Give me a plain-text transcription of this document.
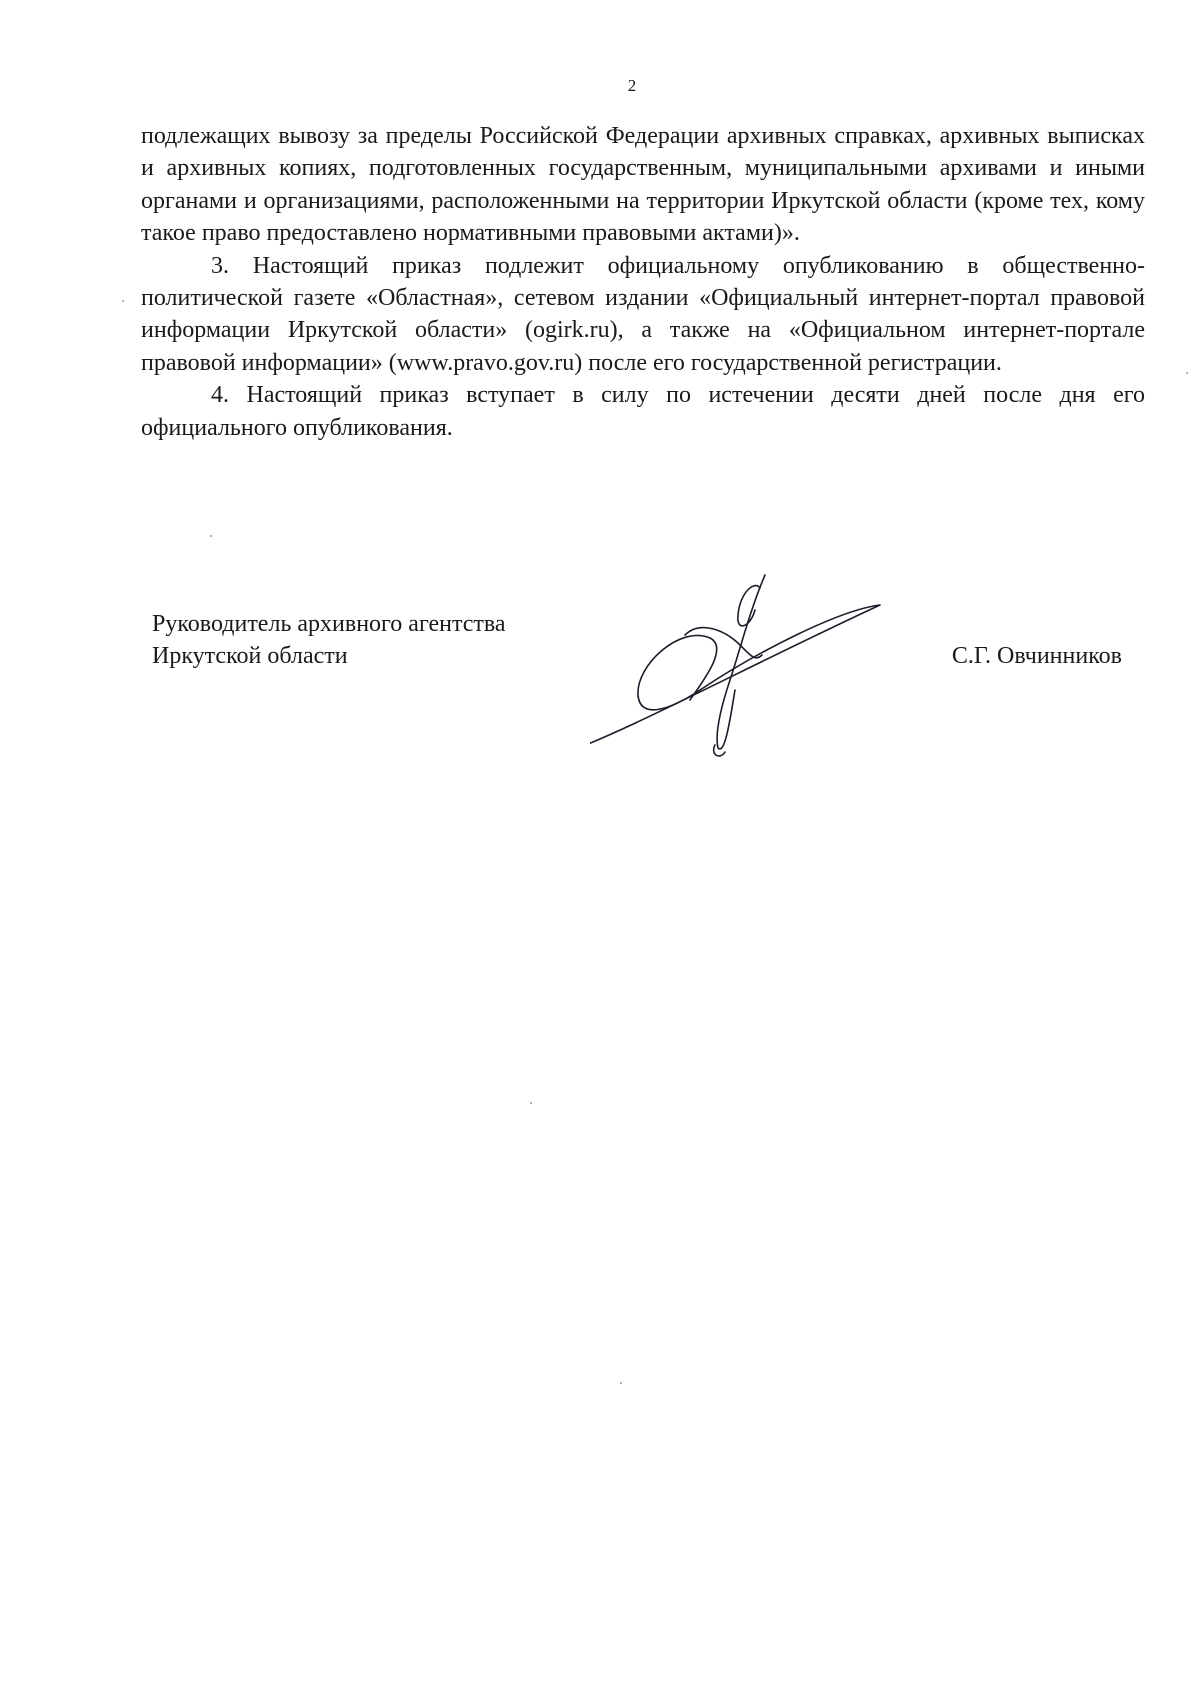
2

подлежащих вывозу за пределы Российской Федерации архивных справках, архивных выписках и архивных копиях, подготовленных государственным, муниципальными архивами и иными органами и организациями, расположенными на территории Иркутской области (кроме тех, кому такое право предоставлено нормативными правовыми актами)».

3. Настоящий приказ подлежит официальному опубликованию в общественно-политической газете «Областная», сетевом издании «Официальный интернет-портал правовой информации Иркутской области» (ogirk.ru), а также на «Официальном интернет-портале правовой информации» (www.pravo.gov.ru) после его государственной регистрации.

4. Настоящий приказ вступает в силу по истечении десяти дней после дня его официального опубликования.

Руководитель архивного агентства
Иркутской области	С.Г. Овчинников
